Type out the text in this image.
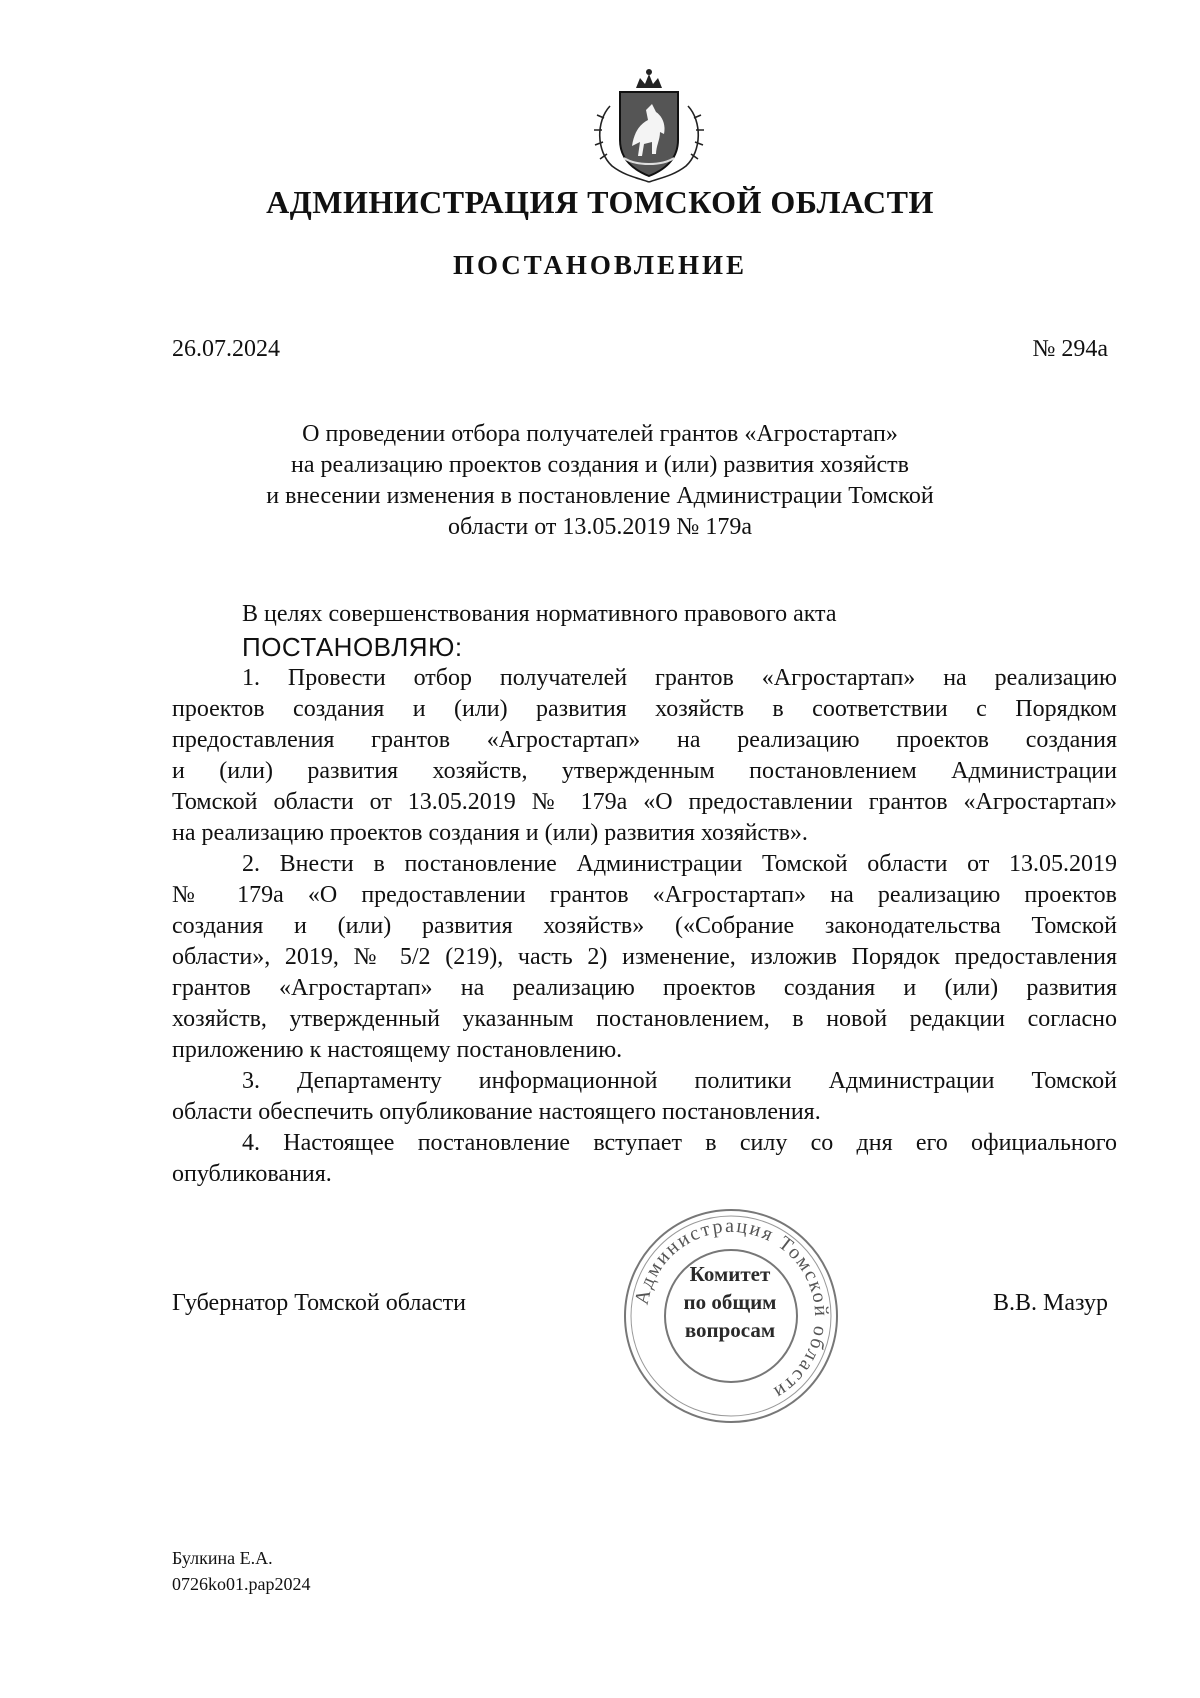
АДМИНИСТРАЦИЯ ТОМСКОЙ ОБЛАСТИ
ПОСТАНОВЛЕНИЕ
26.07.2024	№ 294а
О проведении отбора получателей грантов «Агростартап»
на реализацию проектов создания и (или) развития хозяйств
и внесении изменения в постановление Администрации Томской
области от 13.05.2019 № 179а
В целях совершенствования нормативного правового акта
ПОСТАНОВЛЯЮ:
1. Провести отбор получателей грантов «Агростартап» на реализацию
проектов создания и (или) развития хозяйств в соответствии с Порядком
предоставления грантов «Агростартап» на реализацию проектов создания
и (или) развития хозяйств, утвержденным постановлением Администрации
Томской области от 13.05.2019 № 179а «О предоставлении грантов «Агростартап»
на реализацию проектов создания и (или) развития хозяйств».
2. Внести в постановление Администрации Томской области от 13.05.2019
№ 179а «О предоставлении грантов «Агростартап» на реализацию проектов
создания и (или) развития хозяйств» («Собрание законодательства Томской
области», 2019, № 5/2 (219), часть 2) изменение, изложив Порядок предоставления
грантов «Агростартап» на реализацию проектов создания и (или) развития
хозяйств, утвержденный указанным постановлением, в новой редакции согласно
приложению к настоящему постановлению.
3. Департаменту информационной политики Администрации Томской
области обеспечить опубликование настоящего постановления.
4. Настоящее постановление вступает в силу со дня его официального
опубликования.
Губернатор Томской области	В.В. Мазур
Администрация Томской области
Комитет
по общим
вопросам
Булкина Е.А.
0726ko01.pap2024
